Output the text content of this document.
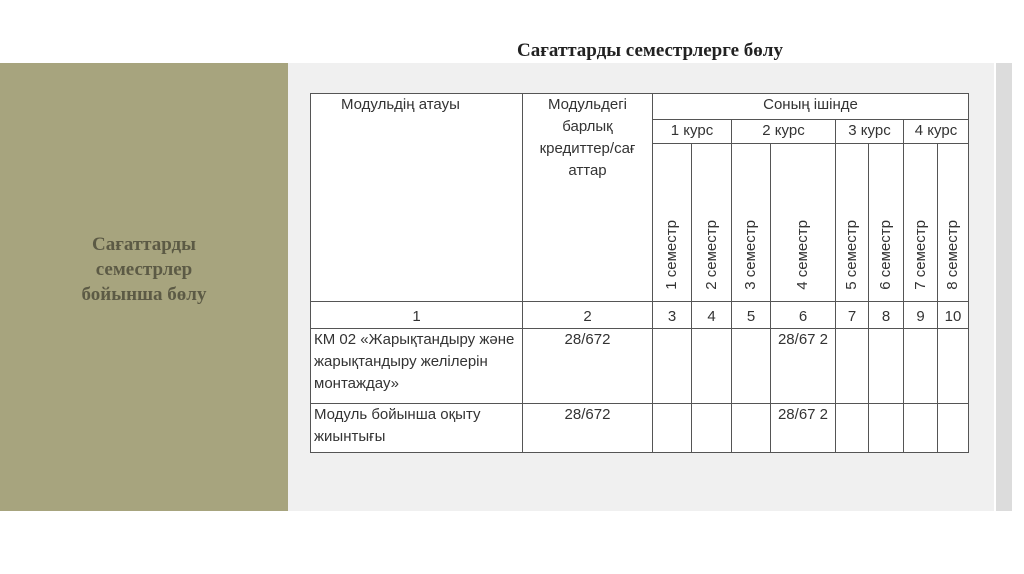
Сағаттарды семестрлерге бөлу
Сағаттарды
семестрлер
бойынша бөлу
Модульдің атауы	Модульдегі барлық кредиттер/сағ аттар	Соның ішінде							
		1 курс		2 курс		3 курс		4 курс	
		1 семестр	2 семестр	3 семестр	4 семестр	5 семестр	6 семестр	7 семестр	8 семестр
1	2	3	4	5	6	7	8	9	10
КМ 02 «Жарықтандыру және жарықтандыру желілерін монтаждау»	28/672				28/67 2				
Модуль бойынша оқыту жиынтығы	28/672				28/67 2				
